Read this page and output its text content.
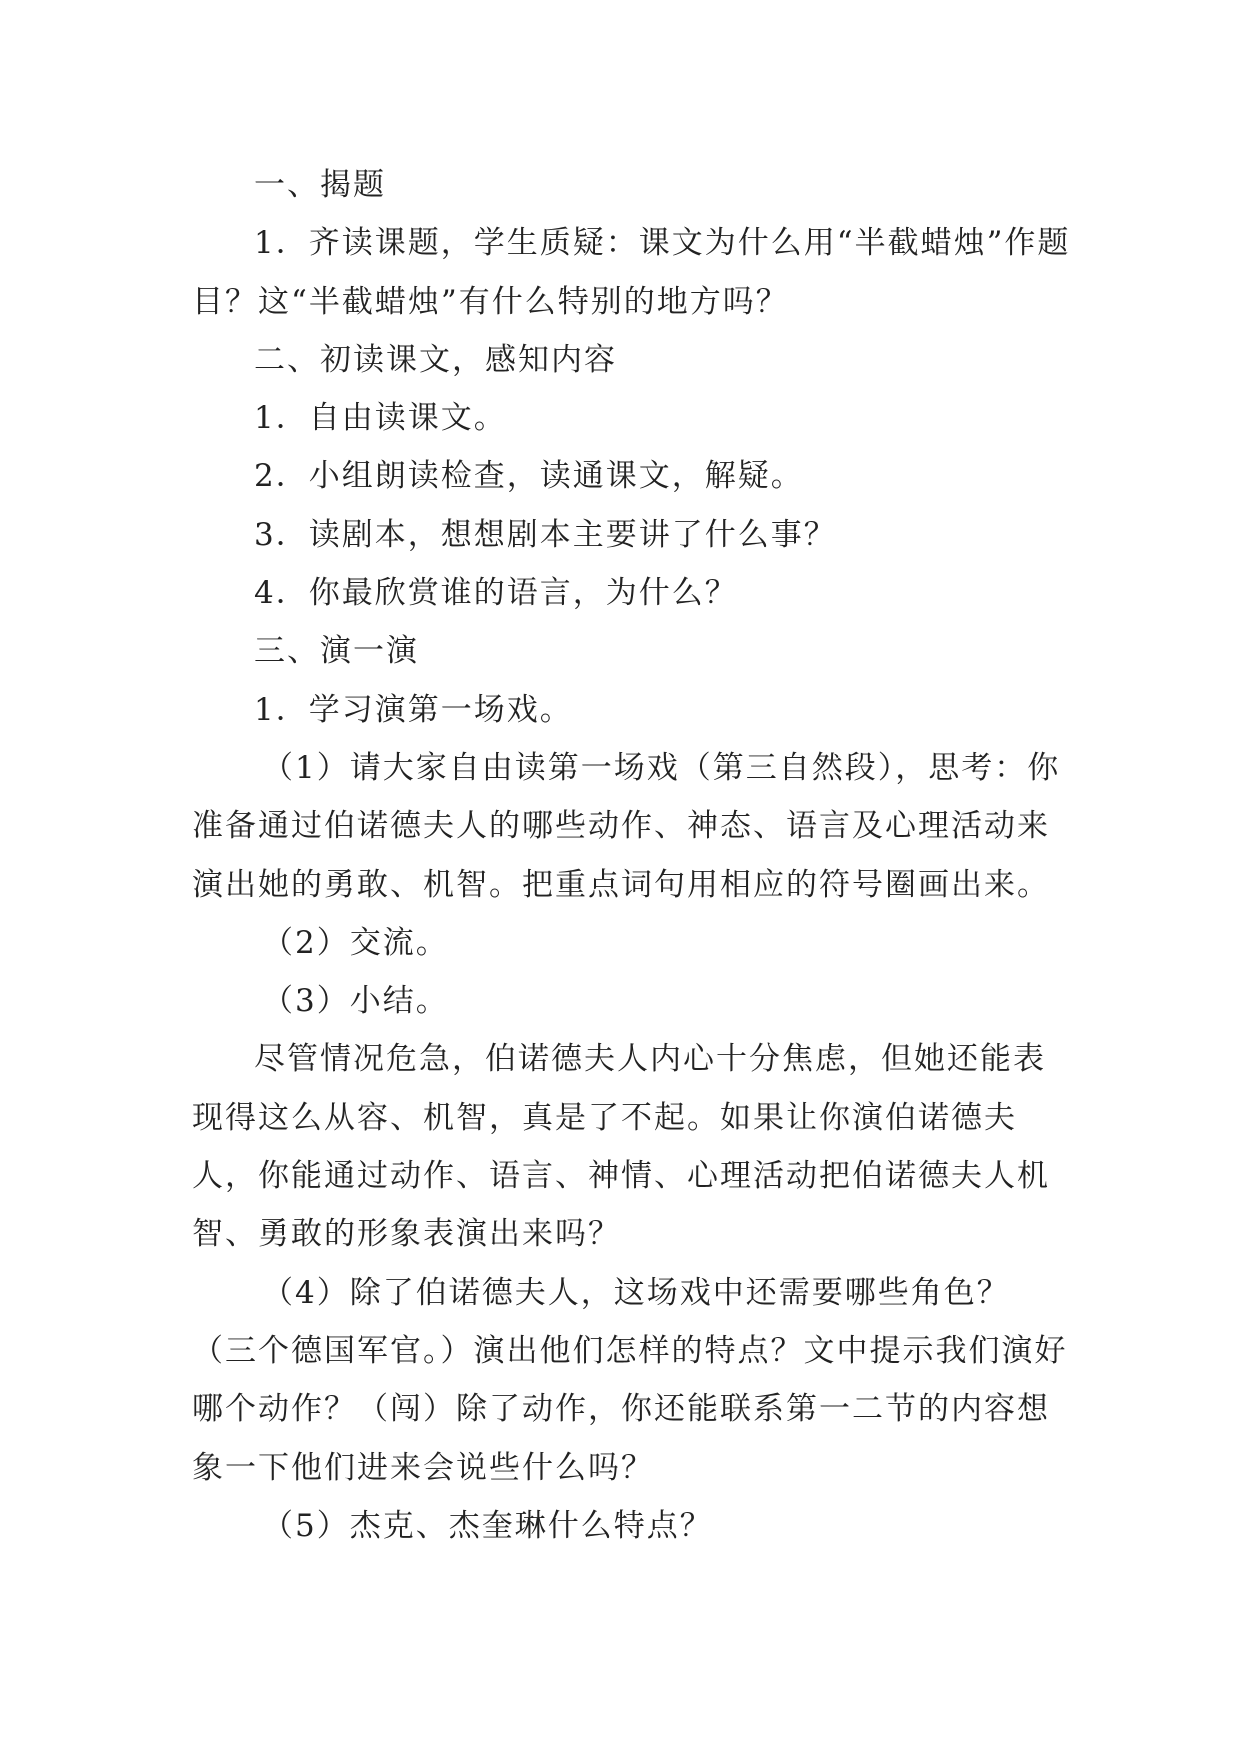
一、揭题

1．齐读课题，学生质疑：课文为什么用“半截蜡烛”作题目？这“半截蜡烛”有什么特别的地方吗？

二、初读课文，感知内容

1．自由读课文。

2．小组朗读检查，读通课文，解疑。

3．读剧本，想想剧本主要讲了什么事？

4．你最欣赏谁的语言，为什么？

三、演一演

1．学习演第一场戏。

（1）请大家自由读第一场戏（第三自然段），思考：你准备通过伯诺德夫人的哪些动作、神态、语言及心理活动来演出她的勇敢、机智。把重点词句用相应的符号圈画出来。

（2）交流。

（3）小结。

尽管情况危急，伯诺德夫人内心十分焦虑，但她还能表现得这么从容、机智，真是了不起。如果让你演伯诺德夫人，你能通过动作、语言、神情、心理活动把伯诺德夫人机智、勇敢的形象表演出来吗？

（4）除了伯诺德夫人，这场戏中还需要哪些角色？（三个德国军官。）演出他们怎样的特点？文中提示我们演好哪个动作？（闯）除了动作，你还能联系第一二节的内容想象一下他们进来会说些什么吗？

（5）杰克、杰奎琳什么特点？
